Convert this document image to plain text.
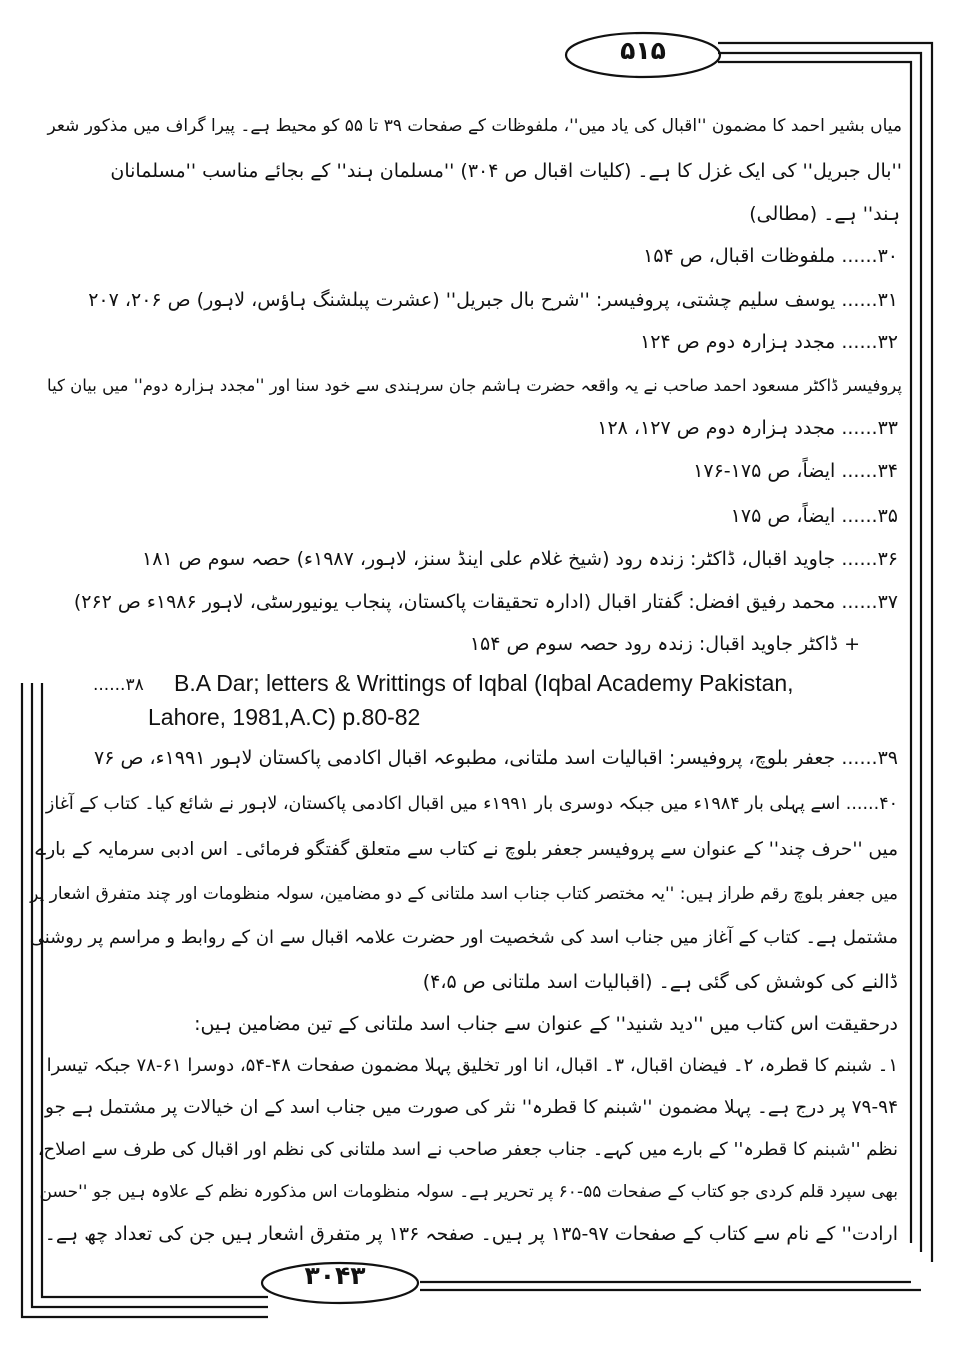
۵۱۵
۳۰۴۳
میاں بشیر احمد کا مضمون ''اقبال کی یاد میں''، ملفوظات کے صفحات ۳۹ تا ۵۵ کو محیط ہے۔ پیرا گراف میں مذکور شعر
''بال جبریل'' کی ایک غزل کا ہے۔ (کلیات اقبال ص ۳۰۴) ''مسلمان ہند'' کے بجائے مناسب ''مسلمانان
ہند'' ہے۔ (مطالی)
۳۰...... ملفوظات اقبال، ص ۱۵۴
۳۱...... یوسف سلیم چشتی، پروفیسر: ''شرح بال جبریل'' (عشرت پبلشنگ ہاؤس، لاہور) ص ۲۰۶، ۲۰۷
۳۲...... مجدد ہزارہ دوم ص ۱۲۴
پروفیسر ڈاکٹر مسعود احمد صاحب نے یہ واقعہ حضرت ہاشم جان سرہندی سے خود سنا اور ''مجدد ہزارہ دوم'' میں بیان کیا
۳۳...... مجدد ہزارہ دوم ص ۱۲۷، ۱۲۸
۳۴...... ایضاً، ص ۱۷۵-۱۷۶
۳۵...... ایضاً، ص ۱۷۵
۳۶...... جاوید اقبال، ڈاکٹر: زندہ رود (شیخ غلام علی اینڈ سنز، لاہور، ۱۹۸۷ء) حصہ سوم ص ۱۸۱
۳۷...... محمد رفیق افضل: گفتار اقبال (ادارہ تحقیقات پاکستان، پنجاب یونیورسٹی، لاہور ۱۹۸۶ء ص ۲۶۲)
+ ڈاکٹر جاوید اقبال: زندہ رود حصہ سوم ص ۱۵۴
۳۸...... B.A Dar; letters & Writtings of Iqbal (Iqbal Academy Pakistan,
Lahore, 1981,A.C) p.80-82
۳۹...... جعفر بلوچ، پروفیسر: اقبالیات اسد ملتانی، مطبوعہ اقبال اکادمی پاکستان لاہور ۱۹۹۱ء، ص ۷۶
۴۰...... اسے پہلی بار ۱۹۸۴ء میں جبکہ دوسری بار ۱۹۹۱ء میں اقبال اکادمی پاکستان، لاہور نے شائع کیا۔ کتاب کے آغاز
میں ''حرف چند'' کے عنوان سے پروفیسر جعفر بلوچ نے کتاب سے متعلق گفتگو فرمائی۔ اس ادبی سرمایہ کے بارے
میں جعفر بلوچ رقم طراز ہیں: ''یہ مختصر کتاب جناب اسد ملتانی کے دو مضامین، سولہ منظومات اور چند متفرق اشعار پر
مشتمل ہے۔ کتاب کے آغاز میں جناب اسد کی شخصیت اور حضرت علامہ اقبال سے ان کے روابط و مراسم پر روشنی
ڈالنے کی کوشش کی گئی ہے۔ (اقبالیات اسد ملتانی ص ۴،۵)
درحقیقت اس کتاب میں ''دید شنید'' کے عنوان سے جناب اسد ملتانی کے تین مضامین ہیں:
۱۔ شبنم کا قطرہ، ۲۔ فیضان اقبال، ۳۔ اقبال، انا اور تخلیق پہلا مضمون صفحات ۴۸-۵۴، دوسرا ۶۱-۷۸ جبکہ تیسرا
۷۹-۹۴ پر درج ہے۔ پہلا مضمون ''شبنم کا قطرہ'' نثر کی صورت میں جناب اسد کے ان خیالات پر مشتمل ہے جو
نظم ''شبنم کا قطرہ'' کے بارے میں کہے۔ جناب جعفر صاحب نے اسد ملتانی کی نظم اور اقبال کی طرف سے اصلاح،
بھی سپرد قلم کردی جو کتاب کے صفحات ۵۵-۶۰ پر تحریر ہے۔ سولہ منظومات اس مذکورہ نظم کے علاوہ ہیں جو ''حسن
ارادت'' کے نام سے کتاب کے صفحات ۹۷-۱۳۵ پر ہیں۔ صفحہ ۱۳۶ پر متفرق اشعار ہیں جن کی تعداد چھ ہے۔
